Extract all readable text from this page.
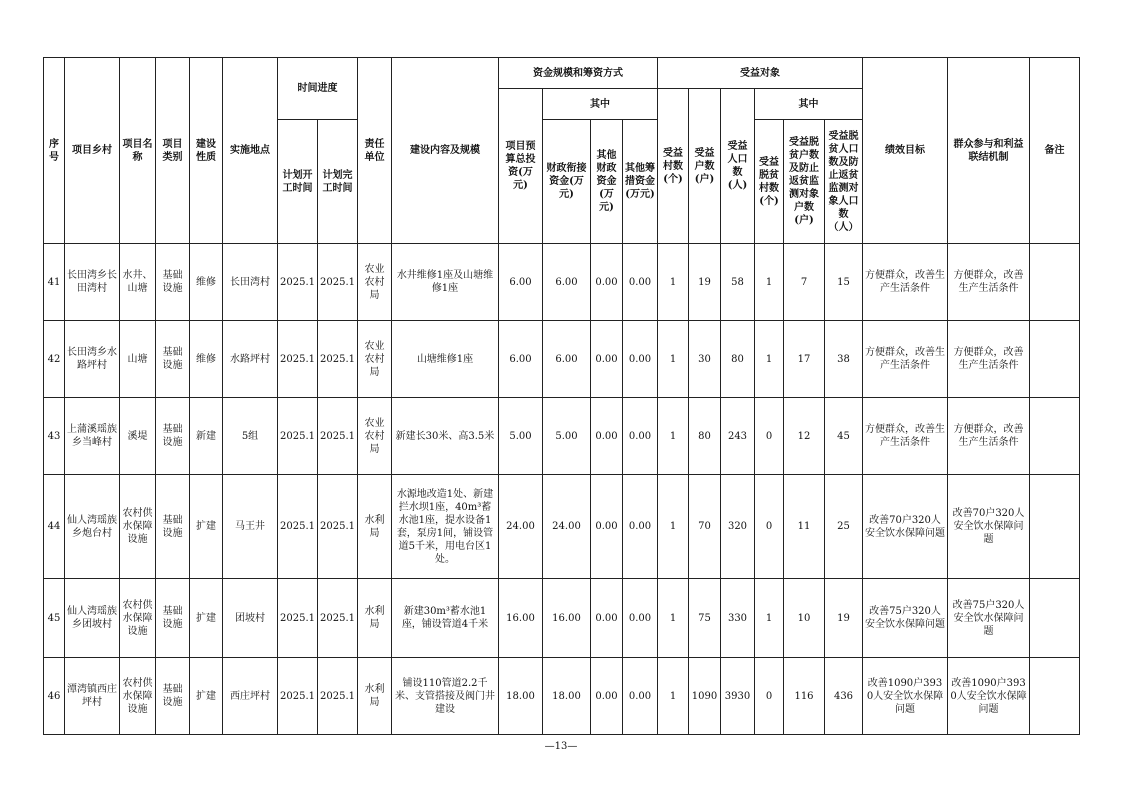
序号	项目乡村	项目名称	项目类别	建设性质	实施地点	时间进度		责任单位	建设内容及规模	资金规模和筹资方式				受益对象						绩效目标	群众参与和利益联结机制	备注
										项目预算总投资(万元)	其中			受益村数(个)	受益户数(户)	受益人口数(人)	其中					
						计划开工时间	计划完工时间				财政衔接资金(万元)	其他财政资金(万元)	其他筹措资金(万元)				受益脱贫村数(个)	受益脱贫户数及防止返贫监测对象户数(户)	受益脱贫人口数及防止返贫监测对象人口数（人）			
41	长田湾乡长田湾村	水井、山塘	基础设施	维修	长田湾村	2025.1	2025.1	农业农村局	水井维修1座及山塘维修1座	6.00	6.00	0.00	0.00	1	19	58	1	7	15	方便群众，改善生产生活条件	方便群众，改善生产生活条件	
42	长田湾乡水路坪村	山塘	基础设施	维修	水路坪村	2025.1	2025.1	农业农村局	山塘维修1座	6.00	6.00	0.00	0.00	1	30	80	1	17	38	方便群众，改善生产生活条件	方便群众，改善生产生活条件	
43	上蒲溪瑶族乡当峰村	溪堤	基础设施	新建	5组	2025.1	2025.1	农业农村局	新建长30米、高3.5米	5.00	5.00	0.00	0.00	1	80	243	0	12	45	方便群众，改善生产生活条件	方便群众，改善生产生活条件	
44	仙人湾瑶族乡炮台村	农村供水保障设施	基础设施	扩建	马王井	2025.1	2025.1	水利局	水源地改造1处、新建拦水坝1座，40m³蓄水池1座，提水设备1套，泵房1间，铺设管道5千米，用电台区1处。	24.00	24.00	0.00	0.00	1	70	320	0	11	25	改善70户320人安全饮水保障问题	改善70户320人安全饮水保障问题	
45	仙人湾瑶族乡团坡村	农村供水保障设施	基础设施	扩建	团坡村	2025.1	2025.1	水利局	新建30m³蓄水池1座，铺设管道4千米	16.00	16.00	0.00	0.00	1	75	330	1	10	19	改善75户320人安全饮水保障问题	改善75户320人安全饮水保障问题	
46	潭湾镇西庄坪村	农村供水保障设施	基础设施	扩建	西庄坪村	2025.1	2025.1	水利局	铺设110管道2.2千米、支管搭接及阀门井建设	18.00	18.00	0.00	0.00	1	1090	3930	0	116	436	改善1090户3930人安全饮水保障问题	改善1090户3930人安全饮水保障问题	
—13—
